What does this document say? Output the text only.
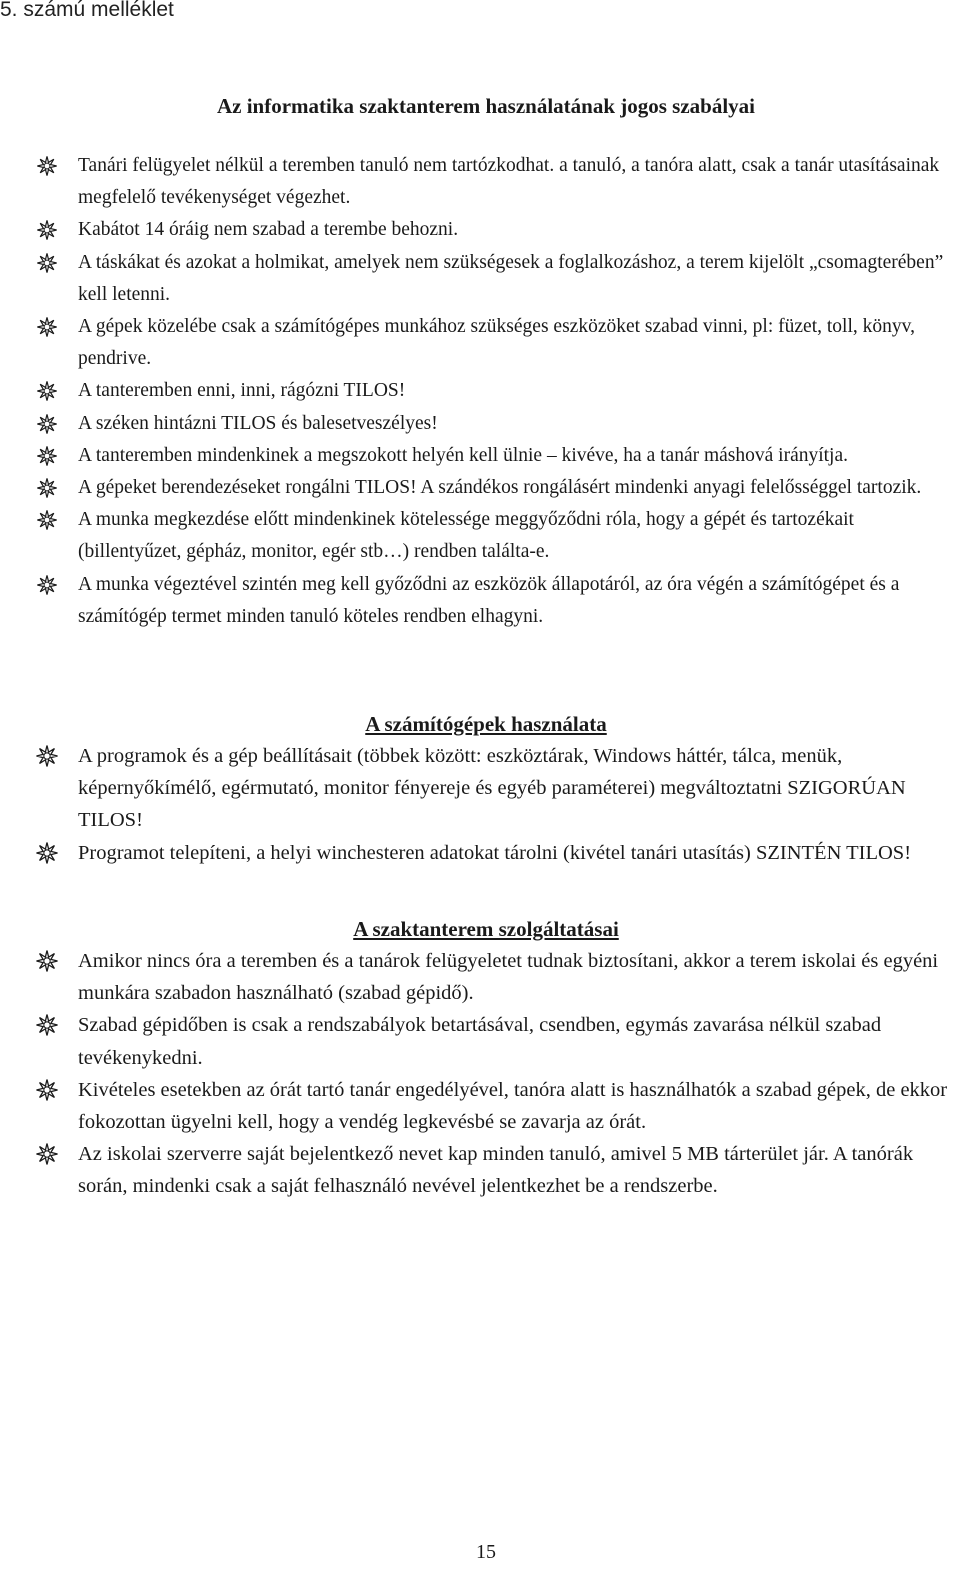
5. számú melléklet
Az informatika szaktanterem használatának jogos szabályai
Tanári felügyelet nélkül a teremben tanuló nem tartózkodhat. a tanuló, a tanóra alatt, csak a tanár utasításainak megfelelő tevékenységet végezhet.
Kabátot 14 óráig nem szabad a terembe behozni.
A táskákat és azokat a holmikat, amelyek nem szükségesek a foglalkozáshoz, a terem kijelölt „csomagterében” kell letenni.
A gépek közelébe csak a számítógépes munkához szükséges eszközöket szabad vinni, pl: füzet, toll, könyv, pendrive.
A tanteremben enni, inni, rágózni TILOS!
A széken hintázni TILOS és balesetveszélyes!
A tanteremben mindenkinek a megszokott helyén kell ülnie – kivéve, ha a tanár máshová irányítja.
A gépeket berendezéseket rongálni TILOS! A szándékos rongálásért mindenki anyagi felelősséggel tartozik.
A munka megkezdése előtt mindenkinek kötelessége meggyőződni róla, hogy a gépét és tartozékait (billentyűzet, gépház, monitor, egér stb…) rendben találta-e.
A munka végeztével szintén meg kell győződni az eszközök állapotáról, az óra végén a számítógépet és a számítógép termet minden tanuló köteles rendben elhagyni.
A számítógépek használata
A programok és a gép beállításait (többek között: eszköztárak, Windows háttér, tálca, menük, képernyőkímélő, egérmutató, monitor fényereje és egyéb paraméterei) megváltoztatni SZIGORÚAN TILOS!
Programot telepíteni, a helyi winchesteren adatokat tárolni (kivétel tanári utasítás) SZINTÉN TILOS!
A szaktanterem szolgáltatásai
Amikor nincs óra a teremben és a tanárok felügyeletet tudnak biztosítani, akkor a terem iskolai és egyéni munkára szabadon használható (szabad gépidő).
Szabad gépidőben is csak a rendszabályok betartásával, csendben, egymás zavarása nélkül szabad tevékenykedni.
Kivételes esetekben az órát tartó tanár engedélyével, tanóra alatt is használhatók a szabad gépek, de ekkor fokozottan ügyelni kell, hogy a vendég legkevésbé se zavarja az órát.
Az iskolai szerverre saját bejelentkező nevet kap minden tanuló, amivel 5 MB tárterület jár. A tanórák során, mindenki csak a saját felhasználó nevével jelentkezhet be a rendszerbe.
15
